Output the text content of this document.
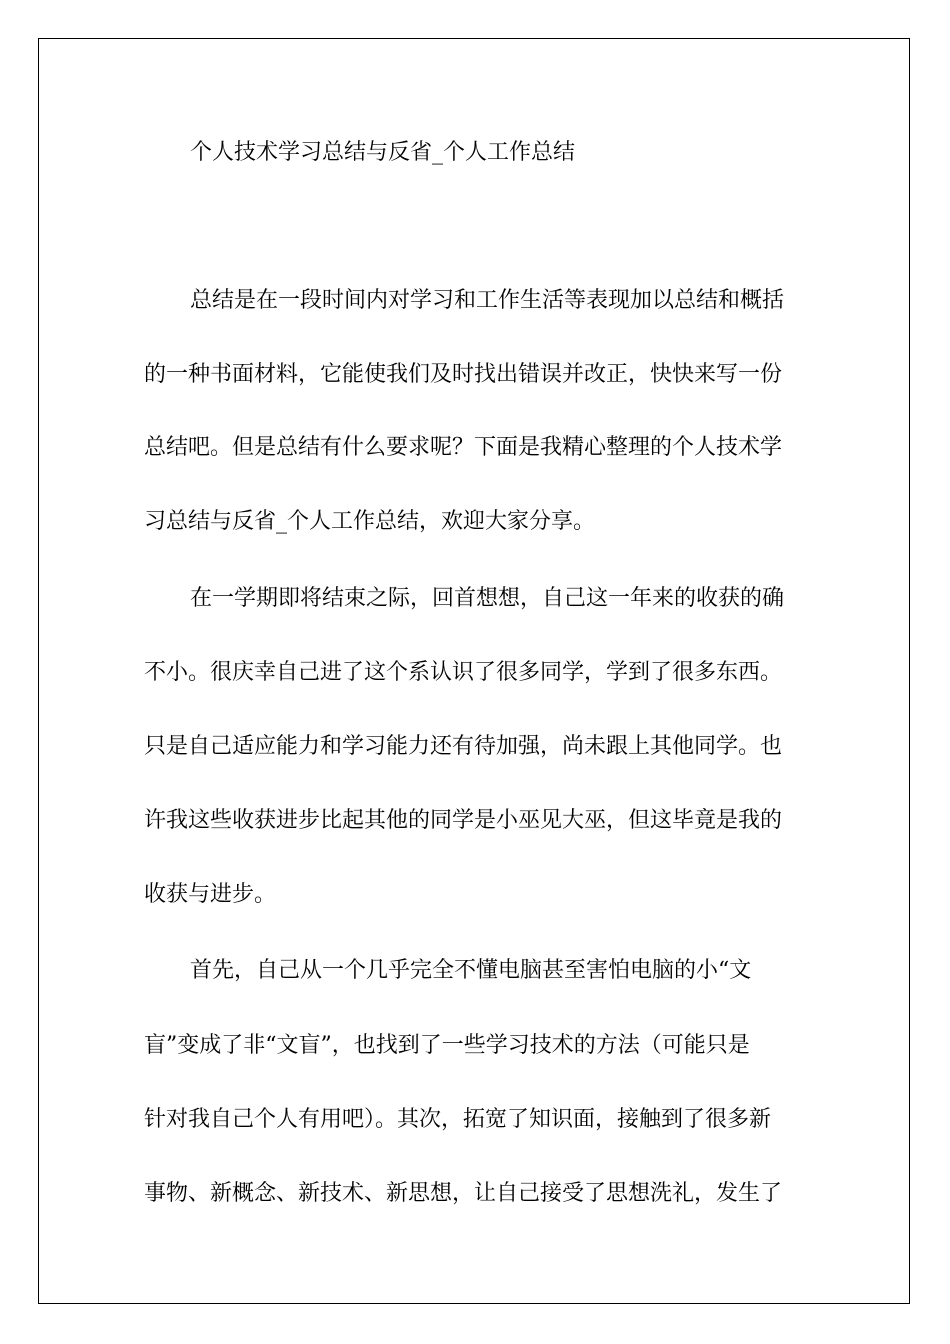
个人技术学习总结与反省_个人工作总结

总结是在一段时间内对学习和工作生活等表现加以总结和概括

的一种书面材料，它能使我们及时找出错误并改正，快快来写一份

总结吧。但是总结有什么要求呢？下面是我精心整理的个人技术学

习总结与反省_个人工作总结，欢迎大家分享。

在一学期即将结束之际，回首想想，自己这一年来的收获的确

不小。很庆幸自己进了这个系认识了很多同学，学到了很多东西。

只是自己适应能力和学习能力还有待加强，尚未跟上其他同学。也

许我这些收获进步比起其他的同学是小巫见大巫，但这毕竟是我的

收获与进步。

首先，自己从一个几乎完全不懂电脑甚至害怕电脑的小“文

盲”变成了非“文盲”，也找到了一些学习技术的方法（可能只是

针对我自己个人有用吧）。其次，拓宽了知识面，接触到了很多新

事物、新概念、新技术、新思想，让自己接受了思想洗礼，发生了
